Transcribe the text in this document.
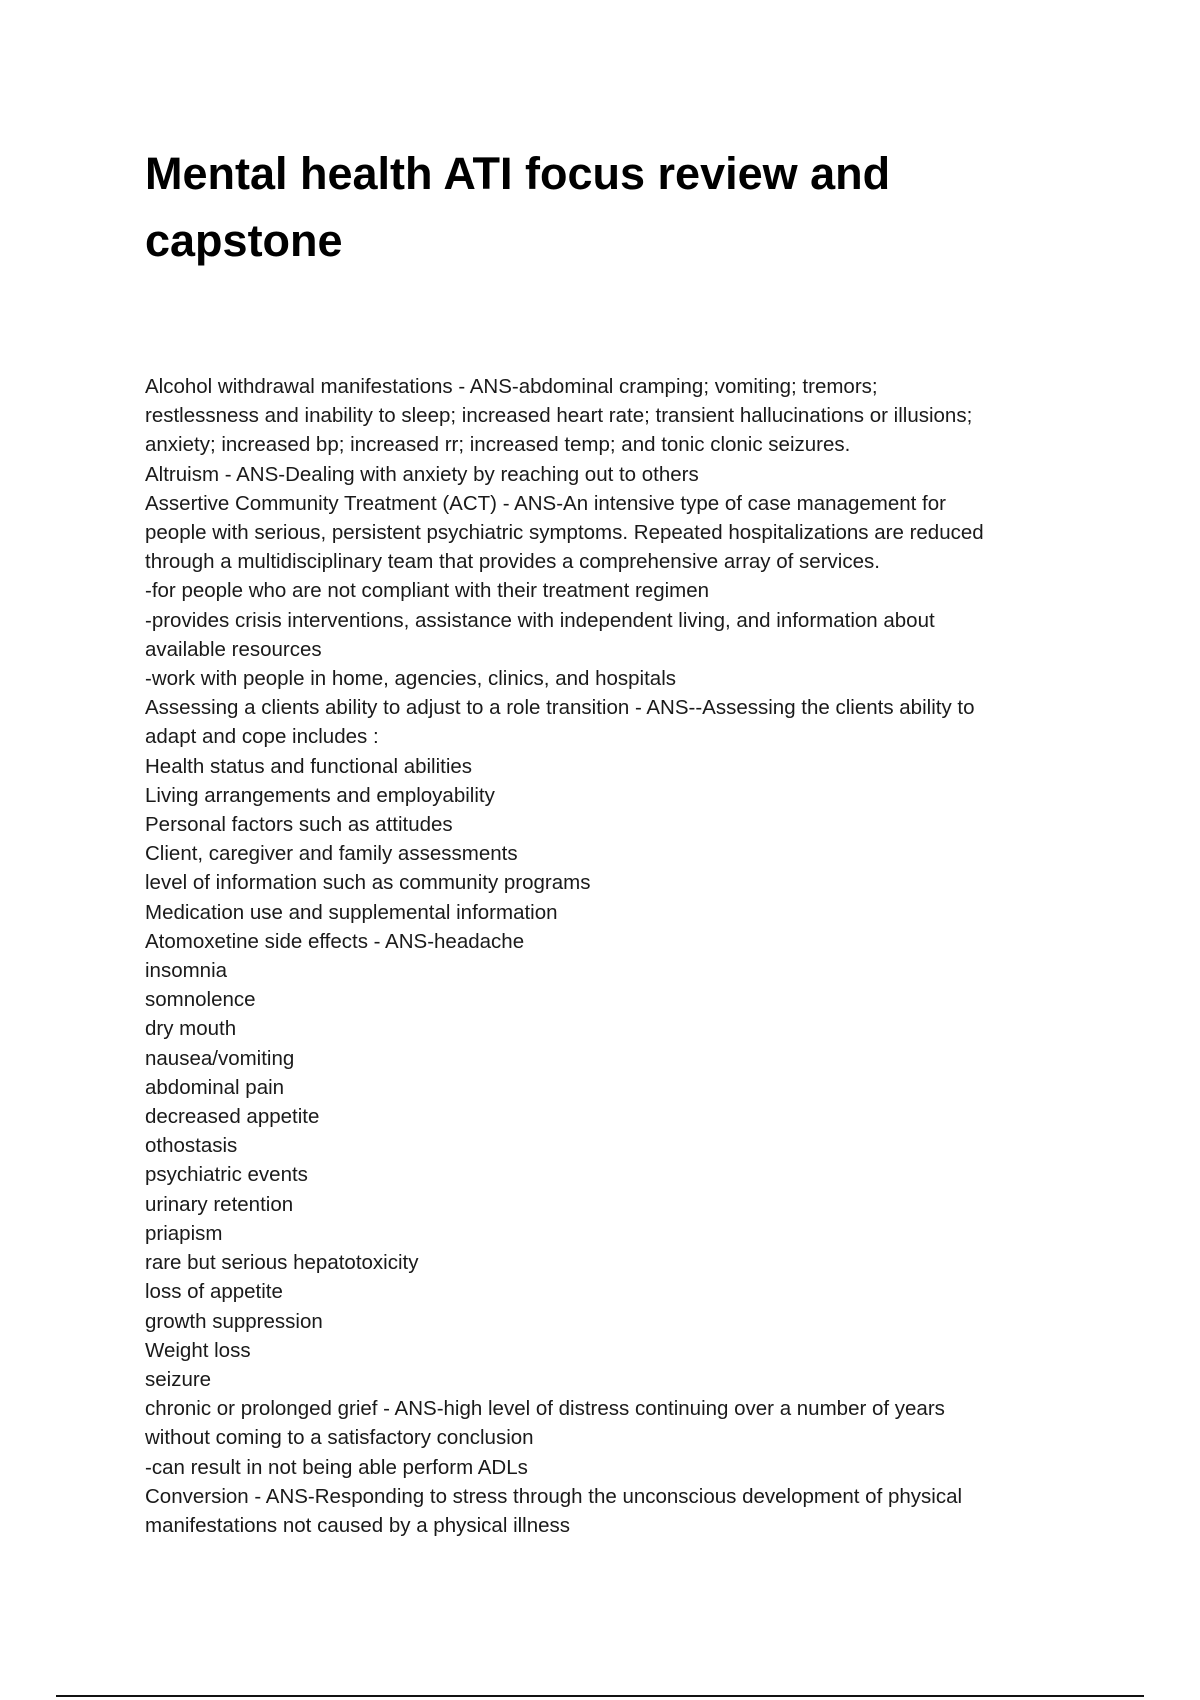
Mental health ATI focus review and capstone
Alcohol withdrawal manifestations - ANS-abdominal cramping; vomiting; tremors;
restlessness and inability to sleep; increased heart rate; transient hallucinations or illusions;
anxiety; increased bp; increased rr; increased temp; and tonic clonic seizures.
Altruism - ANS-Dealing with anxiety by reaching out to others
Assertive Community Treatment (ACT) - ANS-An intensive type of case management for
people with serious, persistent psychiatric symptoms. Repeated hospitalizations are reduced
through a multidisciplinary team that provides a comprehensive array of services.
-for people who are not compliant with their treatment regimen
-provides crisis interventions, assistance with independent living, and information about
available resources
-work with people in home, agencies, clinics, and hospitals
Assessing a clients ability to adjust to a role transition - ANS--Assessing the clients ability to
adapt and cope includes :
Health status and functional abilities
Living arrangements and employability
Personal factors such as attitudes
Client, caregiver and family assessments
level of information such as community programs
Medication use and supplemental information
Atomoxetine side effects - ANS-headache
insomnia
somnolence
dry mouth
nausea/vomiting
abdominal pain
decreased appetite
othostasis
psychiatric events
urinary retention
priapism
rare but serious hepatotoxicity
loss of appetite
growth suppression
Weight loss
seizure
chronic or prolonged grief - ANS-high level of distress continuing over a number of years
without coming to a satisfactory conclusion
-can result in not being able perform ADLs
Conversion - ANS-Responding to stress through the unconscious development of physical
manifestations not caused by a physical illness
